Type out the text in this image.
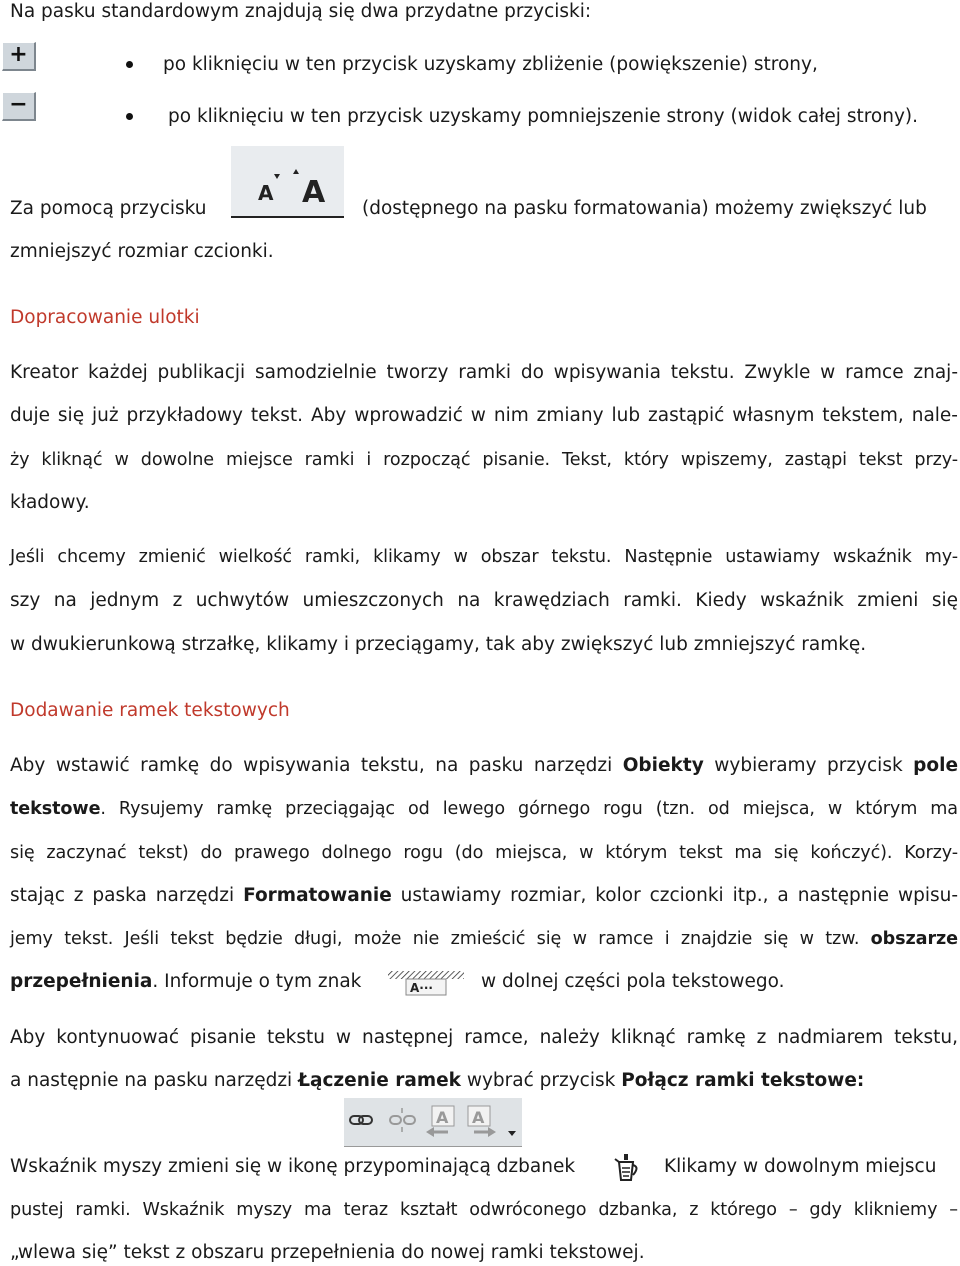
Na pasku standardowym znajdują się dwa przydatne przyciski:
+
−
po kliknięciu w ten przycisk uzyskamy zbliżenie (powiększenie) strony,
po kliknięciu w ten przycisk uzyskamy pomniejszenie strony (widok całej strony).
Za pomocą przycisku
A A (dostępnego na pasku formatowania) możemy zwiększyć lub
zmniejszyć rozmiar czcionki.
Dopracowanie ulotki
Kreator każdej publikacji samodzielnie tworzy ramki do wpisywania tekstu. Zwykle w ramce znaj-
duje się już przykładowy tekst. Aby wprowadzić w nim zmiany lub zastąpić własnym tekstem, nale-
ży kliknąć w dowolne miejsce ramki i rozpocząć pisanie. Tekst, który wpiszemy, zastąpi tekst przy-
kładowy.
Jeśli chcemy zmienić wielkość ramki, klikamy w obszar tekstu. Następnie ustawiamy wskaźnik my-
szy na jednym z uchwytów umieszczonych na krawędziach ramki. Kiedy wskaźnik zmieni się
w dwukierunkową strzałkę, klikamy i przeciągamy, tak aby zwiększyć lub zmniejszyć ramkę.
Dodawanie ramek tekstowych
Aby wstawić ramkę do wpisywania tekstu, na pasku narzędzi Obiekty wybieramy przycisk pole
tekstowe. Rysujemy ramkę przeciągając od lewego górnego rogu (tzn. od miejsca, w którym ma
się zaczynać tekst) do prawego dolnego rogu (do miejsca, w którym tekst ma się kończyć). Korzy-
stając z paska narzędzi Formatowanie ustawiamy rozmiar, kolor czcionki itp., a następnie wpisu-
jemy tekst. Jeśli tekst będzie długi, może nie zmieścić się w ramce i znajdzie się w tzw. obszarze
przepełnienia. Informuje o tym znak	A···	w dolnej części pola tekstowego.
Aby kontynuować pisanie tekstu w następnej ramce, należy kliknąć ramkę z nadmiarem tekstu,
a następnie na pasku narzędzi Łączenie ramek wybrać przycisk Połącz ramki tekstowe:
A A
Wskaźnik myszy zmieni się w ikonę przypominającą dzbanek	Klikamy w dowolnym miejscu
pustej ramki. Wskaźnik myszy ma teraz kształt odwróconego dzbanka, z którego – gdy klikniemy –
„wlewa się” tekst z obszaru przepełnienia do nowej ramki tekstowej.
